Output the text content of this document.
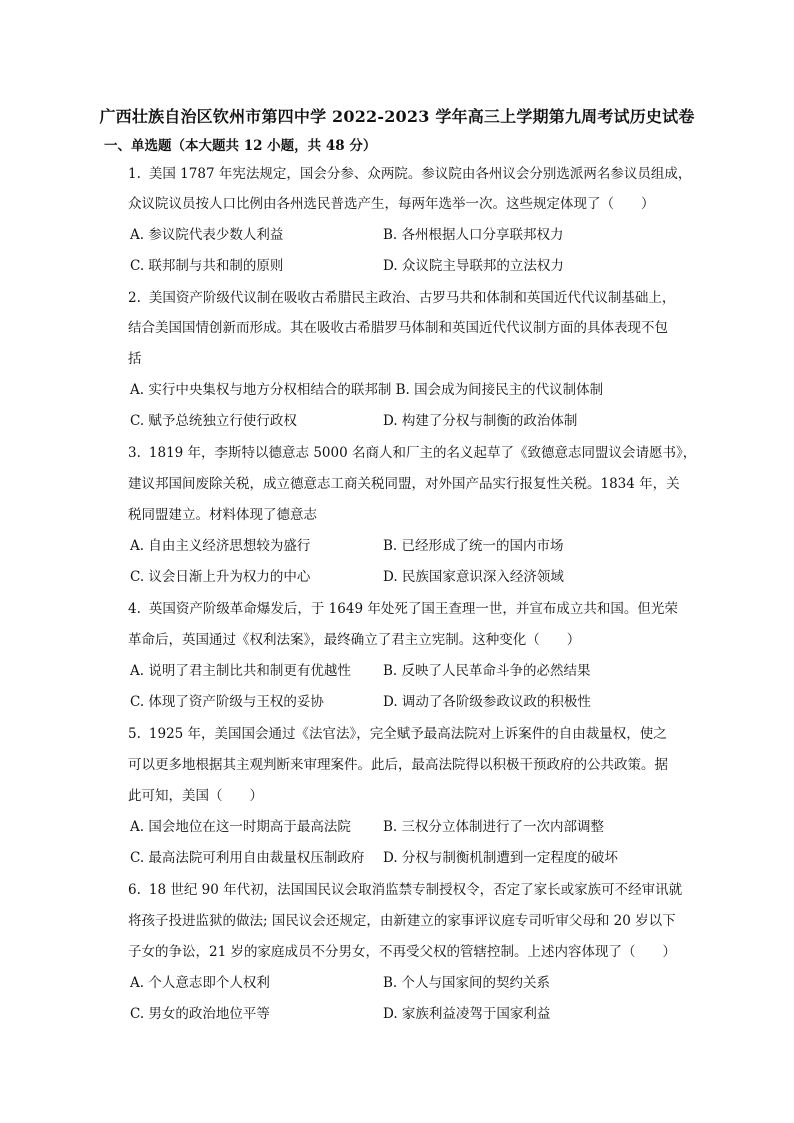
广西壮族自治区钦州市第四中学 2022-2023 学年高三上学期第九周考试历史试卷
一、单选题（本大题共 12 小题，共 48 分）
1. 美国 1787 年宪法规定，国会分参、众两院。参议院由各州议会分别选派两名参议员组成，
众议院议员按人口比例由各州选民普选产生，每两年选举一次。这些规定体现了（　　）
A. 参议院代表少数人利益	B. 各州根据人口分享联邦权力
C. 联邦制与共和制的原则	D. 众议院主导联邦的立法权力
2. 美国资产阶级代议制在吸收古希腊民主政治、古罗马共和体制和英国近代代议制基础上，
结合美国国情创新而形成。其在吸收古希腊罗马体制和英国近代代议制方面的具体表现不包
括
A. 实行中央集权与地方分权相结合的联邦制 B. 国会成为间接民主的代议制体制
C. 赋予总统独立行使行政权	D. 构建了分权与制衡的政治体制
3. 1819 年，李斯特以德意志 5000 名商人和厂主的名义起草了《致德意志同盟议会请愿书》，
建议邦国间废除关税，成立德意志工商关税同盟，对外国产品实行报复性关税。1834 年，关
税同盟建立。材料体现了德意志
A. 自由主义经济思想较为盛行	B. 已经形成了统一的国内市场
C. 议会日渐上升为权力的中心	D. 民族国家意识深入经济领域
4. 英国资产阶级革命爆发后，于 1649 年处死了国王查理一世，并宣布成立共和国。但光荣
革命后，英国通过《权利法案》，最终确立了君主立宪制。这种变化（　　）
A. 说明了君主制比共和制更有优越性 B. 反映了人民革命斗争的必然结果
C. 体现了资产阶级与王权的妥协	D. 调动了各阶级参政议政的积极性
5. 1925 年，美国国会通过《法官法》，完全赋予最高法院对上诉案件的自由裁量权，使之
可以更多地根据其主观判断来审理案件。此后，最高法院得以积极干预政府的公共政策。据
此可知，美国（　　）
A. 国会地位在这一时期高于最高法院 B. 三权分立体制进行了一次内部调整
C. 最高法院可利用自由裁量权压制政府 D. 分权与制衡机制遭到一定程度的破坏
6. 18 世纪 90 年代初，法国国民议会取消监禁专制授权令，否定了家长或家族可不经审讯就
将孩子投进监狱的做法; 国民议会还规定，由新建立的家事评议庭专司听审父母和 20 岁以下
子女的争讼，21 岁的家庭成员不分男女，不再受父权的管辖控制。上述内容体现了（　　）
A. 个人意志即个人权利	B. 个人与国家间的契约关系
C. 男女的政治地位平等	D. 家族利益凌驾于国家利益
